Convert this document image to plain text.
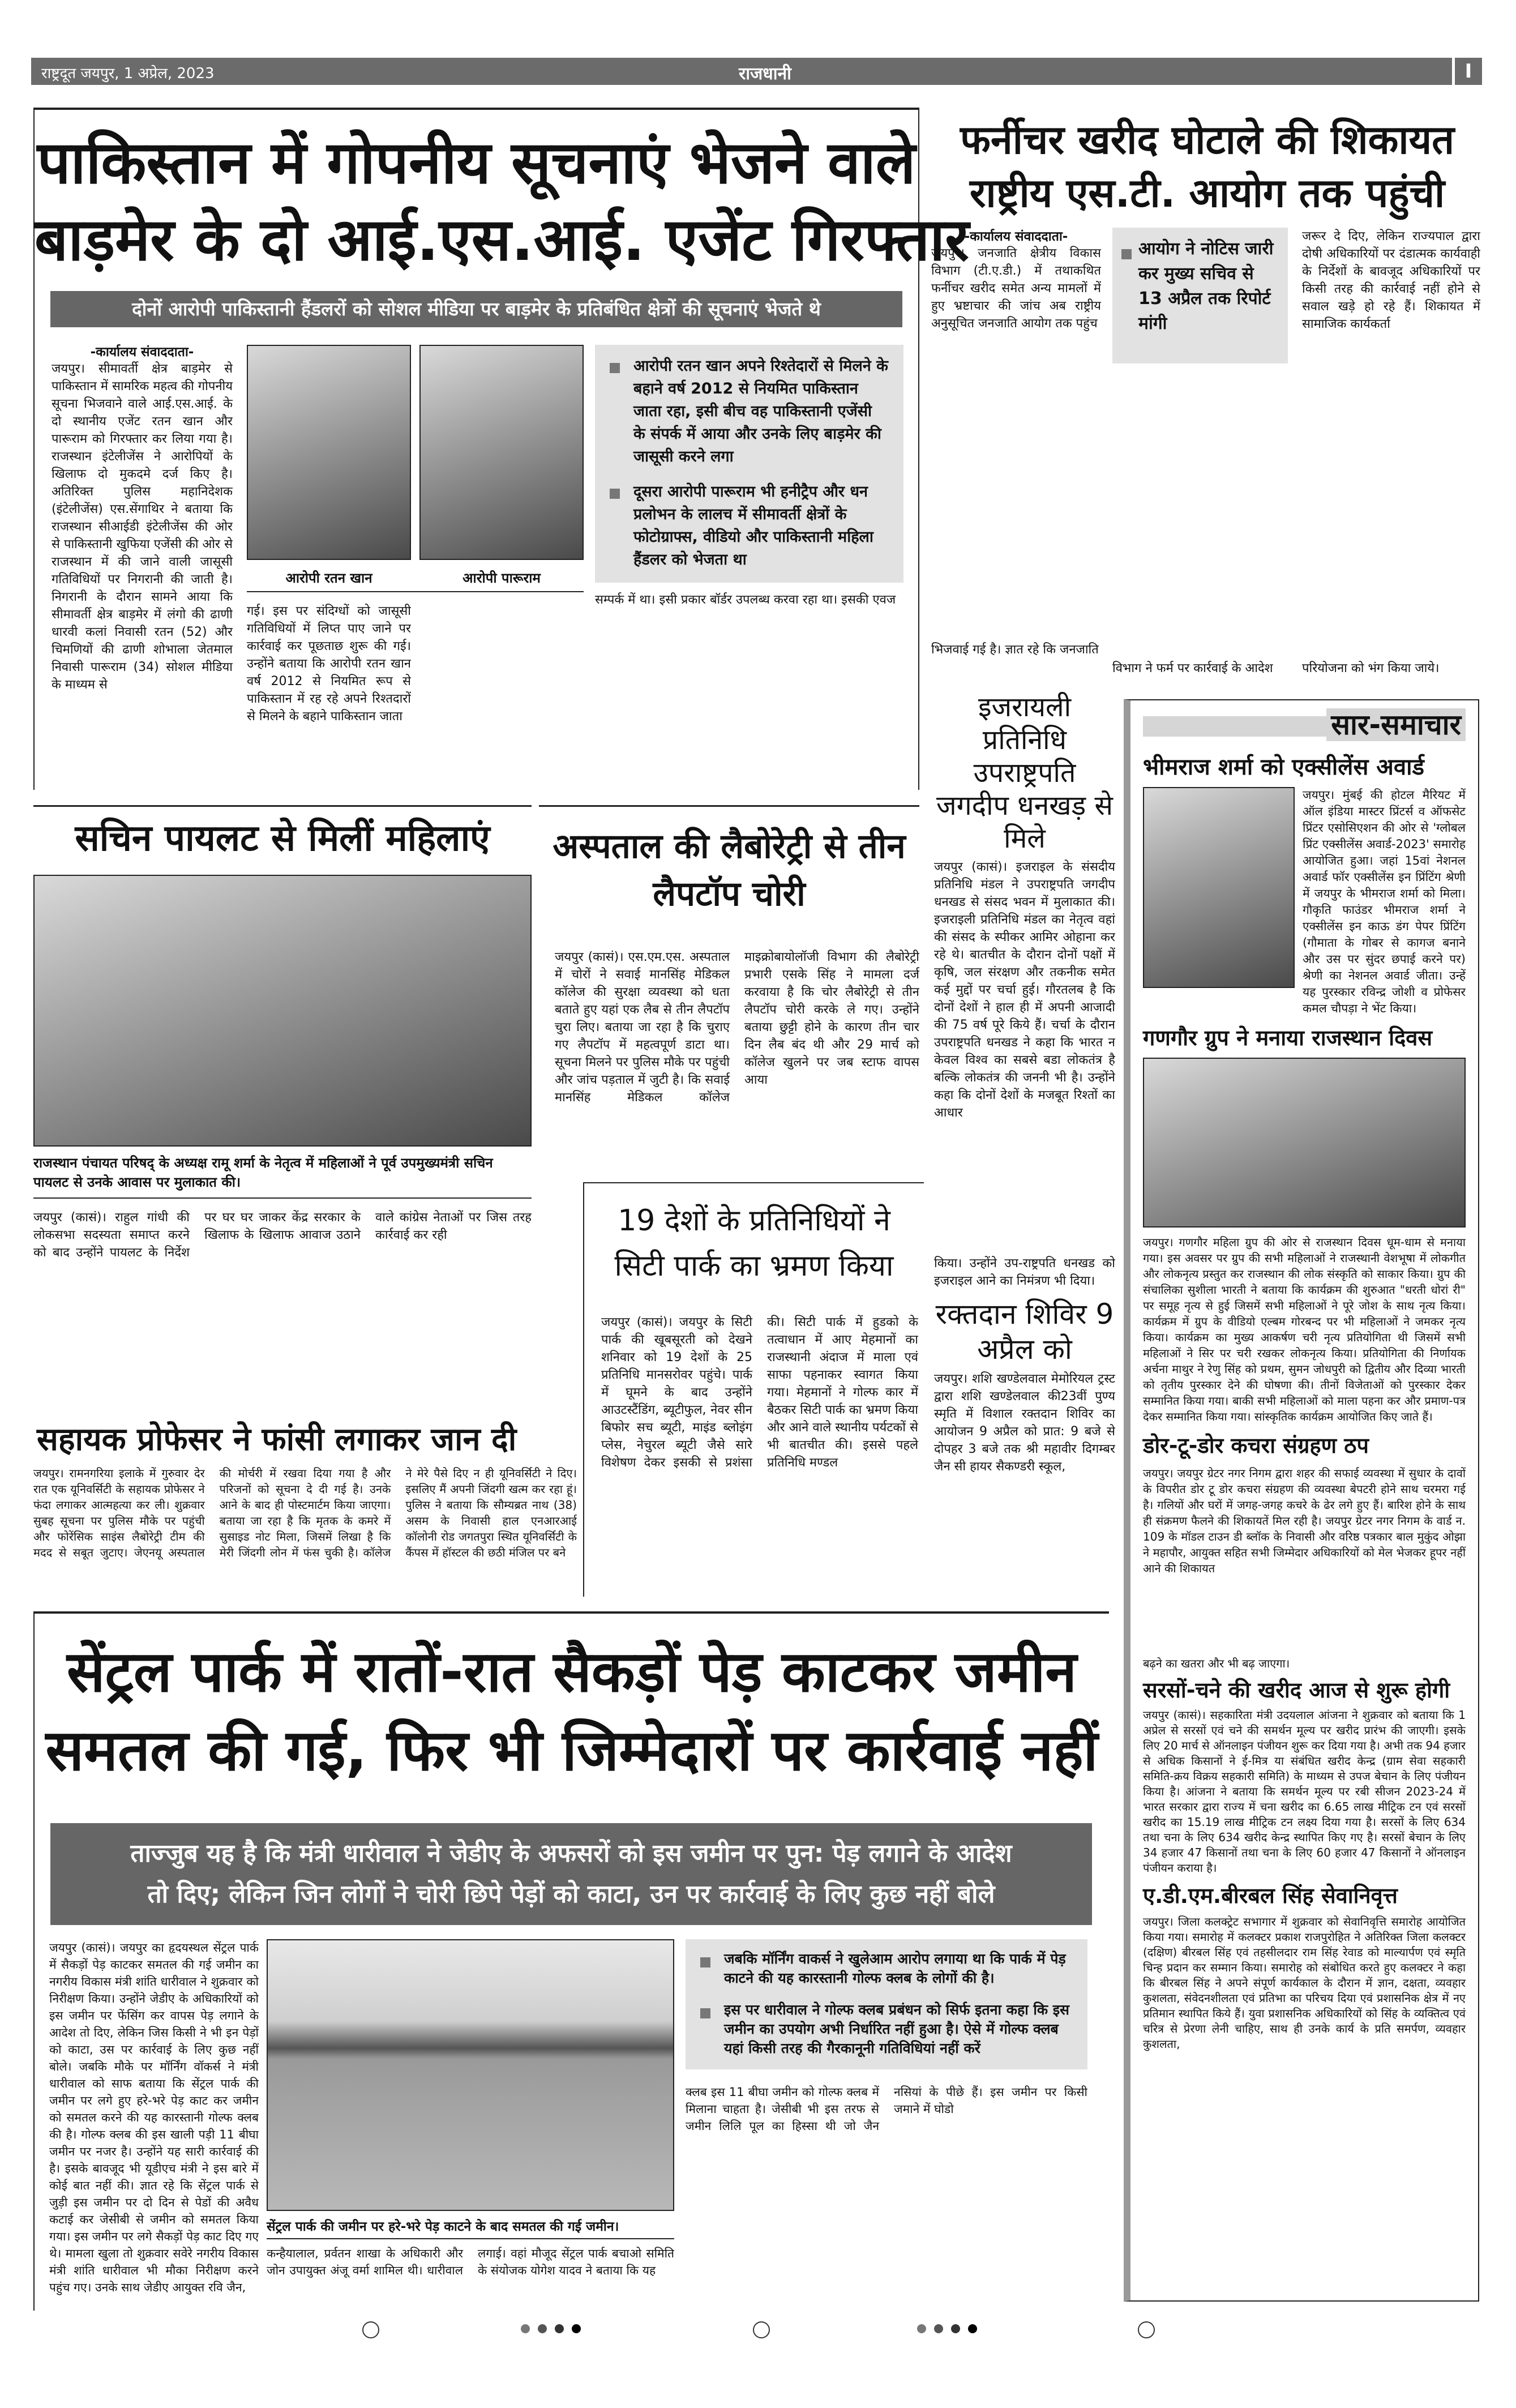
राष्ट्रदूत जयपुर, 1 अप्रेल, 2023	राजधानी	I
पाकिस्तान में गोपनीय सूचनाएं भेजने वाले
बाड़मेर के दो आई.एस.आई. एजेंट गिरफ्तार
दोनों आरोपी पाकिस्तानी हैंडलरों को सोशल मीडिया पर बाड़मेर के प्रतिबंधित क्षेत्रों की सूचनाएं भेजते थे
-कार्यालय संवाददाता-
जयपुर। सीमावर्ती क्षेत्र बाड़मेर से पाकिस्तान में सामरिक महत्व की गोपनीय सूचना भिजवाने वाले आई.एस.आई. के दो स्थानीय एजेंट रतन खान और पारूराम को गिरफ्तार कर लिया गया है। राजस्थान इंटेलीजेंस ने आरोपियों के खिलाफ दो मुकदमे दर्ज किए है। अतिरिक्त पुलिस महानिदेशक (इंटेलीजेंस) एस.सेंगाथिर ने बताया कि राजस्थान सीआईडी इंटेलीजेंस की ओर से पाकिस्तानी खुफिया एजेंसी की ओर से राजस्थान में की जाने वाली जासूसी गतिविधियों पर निगरानी की जाती है। निगरानी के दौरान सामने आया कि सीमावर्ती क्षेत्र बाड़मेर में लंगो की ढाणी धारवी कलां निवासी रतन (52) और चिमणियों की ढाणी शोभाला जेतमाल निवासी पारूराम (34) सोशल मीडिया के माध्यम से
आरोपी रतन खान	आरोपी पारूराम
गई। इस पर संदिग्धों को जासूसी गतिविधियों में लिप्त पाए जाने पर कार्रवाई कर पूछताछ शुरू की गई। उन्होंने बताया कि आरोपी रतन खान वर्ष 2012 से नियमित रूप से पाकिस्तान में रह रहे अपने रिश्तदारों से मिलने के बहाने पाकिस्तान जाता
आरोपी रतन खान अपने रिश्तेदारों से मिलने के बहाने वर्ष 2012 से नियमित पाकिस्तान जाता रहा, इसी बीच वह पाकिस्तानी एजेंसी के संपर्क में आया और उनके लिए बाड़मेर की जासूसी करने लगा
दूसरा आरोपी पारूराम भी हनीट्रैप और धन प्रलोभन के लालच में सीमावर्ती क्षेत्रों के फोटोग्राफ्स, वीडियो और पाकिस्तानी महिला हैंडलर को भेजता था
सम्पर्क में था। इसी प्रकार बॉर्डर उपलब्ध करवा रहा था। इसकी एवज
फर्नीचर खरीद घोटाले की शिकायत
राष्ट्रीय एस.टी. आयोग तक पहुंची
-कार्यालय संवाददाता-
जयपुर। जनजाति क्षेत्रीय विकास विभाग (टी.ए.डी.) में तथाकथित फर्नीचर खरीद समेत अन्य मामलों में हुए भ्रष्टाचार की जांच अब राष्ट्रीय अनुसूचित जनजाति आयोग तक पहुंच
भिजवाई गई है। ज्ञात रहे कि जनजाति
आयोग ने नोटिस जारी कर मुख्य सचिव से 13 अप्रैल तक रिपोर्ट मांगी
विभाग ने फर्म पर कार्रवाई के आदेश
जरूर दे दिए, लेकिन राज्यपाल द्वारा दोषी अधिकारियों पर दंडात्मक कार्यवाही के निर्देशों के बावजूद अधिकारियों पर किसी तरह की कार्रवाई नहीं होने से सवाल खड़े हो रहे हैं। शिकायत में सामाजिक कार्यकर्ता
परियोजना को भंग किया जाये।
इजरायली प्रतिनिधि उपराष्ट्रपति जगदीप धनखड़ से मिले
जयपुर (कासं)। इजराइल के संसदीय प्रतिनिधि मंडल ने उपराष्ट्रपति जगदीप धनखड से संसद भवन में मुलाकात की। इजराइली प्रतिनिधि मंडल का नेतृत्व वहां की संसद के स्पीकर आमिर ओहाना कर रहे थे। बातचीत के दौरान दोनों पक्षों में कृषि, जल संरक्षण और तकनीक समेत कई मुद्दों पर चर्चा हुई। गौरतलब है कि दोनों देशों ने हाल ही में अपनी आजादी की 75 वर्ष पूरे किये हैं। चर्चा के दौरान उपराष्ट्रपति धनखड ने कहा कि भारत न केवल विश्व का सबसे बडा लोकतंत्र है बल्कि लोकतंत्र की जननी भी है। उन्होंने कहा कि दोनों देशों के मजबूत रिश्तों का आधार
किया। उन्होंने उप-राष्ट्रपति धनखड को इजराइल आने का निमंत्रण भी दिया।
रक्तदान शिविर 9 अप्रैल को
जयपुर। शशि खण्डेलवाल मेमोरियल ट्रस्ट द्वारा शशि खण्डेलवाल की23वीं पुण्य स्मृति में विशाल रक्तदान शिविर का आयोजन 9 अप्रैल को प्रात: 9 बजे से दोपहर 3 बजे तक श्री महावीर दिगम्बर जैन सी हायर सैकण्डरी स्कूल,
सार-समाचार
भीमराज शर्मा को एक्सीलेंस अवार्ड
जयपुर। मुंबई की होटल मैरियट में ऑल इंडिया मास्टर प्रिंटर्स व ऑफसेट प्रिंटर एसोसिएशन की ओर से 'ग्लोबल प्रिंट एक्सीलेंस अवार्ड-2023' समारोह आयोजित हुआ। जहां 15वां नेशनल अवार्ड फॉर एक्सीलेंस इन प्रिंटिंग श्रेणी में जयपुर के भीमराज शर्मा को मिला। गौकृति फाउंडर भीमराज शर्मा ने एक्सीलेंस इन काऊ डंग पेपर प्रिंटिंग (गौमाता के गोबर से कागज बनाने और उस पर सुंदर छपाई करने पर) श्रेणी का नेशनल अवार्ड जीता। उन्हें यह पुरस्कार रविन्द्र जोशी व प्रोफेसर कमल चौपड़ा ने भेंट किया।
गणगौर ग्रुप ने मनाया राजस्थान दिवस
जयपुर। गणगौर महिला ग्रुप की ओर से राजस्थान दिवस धूम-धाम से मनाया गया। इस अवसर पर ग्रुप की सभी महिलाओं ने राजस्थानी वेशभूषा में लोकगीत और लोकनृत्य प्रस्तुत कर राजस्थान की लोक संस्कृति को साकार किया। ग्रुप की संचालिका सुशीला भारती ने बताया कि कार्यक्रम की शुरुआत "धरती धोरां री" पर समूह नृत्य से हुई जिसमें सभी महिलाओं ने पूरे जोश के साथ नृत्य किया। कार्यक्रम में ग्रुप के वीडियो एल्बम गोरबन्द पर भी महिलाओं ने जमकर नृत्य किया। कार्यक्रम का मुख्य आकर्षण चरी नृत्य प्रतियोगिता थी जिसमें सभी महिलाओं ने सिर पर चरी रखकर लोकनृत्य किया। प्रतियोगिता की निर्णायक अर्चना माथुर ने रेणु सिंह को प्रथम, सुमन जोधपुरी को द्वितीय और दिव्या भारती को तृतीय पुरस्कार देने की घोषणा की। तीनों विजेताओं को पुरस्कार देकर सम्मानित किया गया। बाकी सभी महिलाओं को माला पहना कर और प्रमाण-पत्र देकर सम्मानित किया गया। सांस्कृतिक कार्यक्रम आयोजित किए जाते हैं।
डोर-टू-डोर कचरा संग्रहण ठप
जयपुर। जयपुर ग्रेटर नगर निगम द्वारा शहर की सफाई व्यवस्था में सुधार के दावों के विपरीत डोर टू डोर कचरा संग्रहण की व्यवस्था बेपटरी होने साथ चरमरा गई है। गलियों और घरों में जगह-जगह कचरे के ढेर लगे हुए हैं। बारिश होने के साथ ही संक्रमण फैलने की शिकायतें मिल रही है। जयपुर ग्रेटर नगर निगम के वार्ड न. 109 के मॉडल टाउन डी ब्लॉक के निवासी और वरिष्ठ पत्रकार बाल मुकुंद ओझा ने महापौर, आयुक्त सहित सभी जिम्मेदार अधिकारियों को मेल भेजकर हूपर नहीं आने की शिकायत
बढ़ने का खतरा और भी बढ़ जाएगा।
सरसों-चने की खरीद आज से शुरू होगी
जयपुर (कासं)। सहकारिता मंत्री उदयलाल आंजना ने शुक्रवार को बताया कि 1 अप्रेल से सरसों एवं चने की समर्थन मूल्य पर खरीद प्रारंभ की जाएगी। इसके लिए 20 मार्च से ऑनलाइन पंजीयन शुरू कर दिया गया है। अभी तक 94 हजार से अधिक किसानों ने ई-मित्र या संबंधित खरीद केन्द्र (ग्राम सेवा सहकारी समिति-क्रय विक्रय सहकारी समिति) के माध्यम से उपज बेचान के लिए पंजीयन किया है। आंजना ने बताया कि समर्थन मूल्य पर रबी सीजन 2023-24 में भारत सरकार द्वारा राज्य में चना खरीद का 6.65 लाख मीट्रिक टन एवं सरसों खरीद का 15.19 लाख मीट्रिक टन लक्ष्य दिया गया है। सरसों के लिए 634 तथा चना के लिए 634 खरीद केन्द्र स्थापित किए गए है। सरसों बेचान के लिए 34 हजार 47 किसानों तथा चना के लिए 60 हजार 47 किसानों ने ऑनलाइन पंजीयन कराया है।
ए.डी.एम.बीरबल सिंह सेवानिवृत्त
जयपुर। जिला कलक्ट्रेट सभागार में शुक्रवार को सेवानिवृत्ति समारोह आयोजित किया गया। समारोह में कलक्टर प्रकाश राजपुरोहित ने अतिरिक्त जिला कलक्टर (दक्षिण) बीरबल सिंह एवं तहसीलदार राम सिंह रेवाड को माल्यार्पण एवं स्मृति चिन्ह प्रदान कर सम्मान किया। समारोह को संबोधित करते हुए कलक्टर ने कहा कि बीरबल सिंह ने अपने संपूर्ण कार्यकाल के दौरान में ज्ञान, दक्षता, व्यवहार कुशलता, संवेदनशीलता एवं प्रतिभा का परिचय दिया एवं प्रशासनिक क्षेत्र में नए प्रतिमान स्थापित किये हैं। युवा प्रशासनिक अधिकारियों को सिंह के व्यक्तित्व एवं चरित्र से प्रेरणा लेनी चाहिए, साथ ही उनके कार्य के प्रति समर्पण, व्यवहार कुशलता,
सचिन पायलट से मिलीं महिलाएं
राजस्थान पंचायत परिषद् के अध्यक्ष रामू शर्मा के नेतृत्व में महिलाओं ने पूर्व उपमुख्यमंत्री सचिन पायलट से उनके आवास पर मुलाकात की।
जयपुर (कासं)। राहुल गांधी की लोकसभा सदस्यता समाप्त करने को बाद उन्होंने पायलट के निर्देश पर घर घर जाकर केंद्र सरकार के खिलाफ के खिलाफ आवाज उठाने वाले कांग्रेस नेताओं पर जिस तरह कार्रवाई कर रही
अस्पताल की लैबोरेट्री से तीन लैपटॉप चोरी
जयपुर (कासं)। एस.एम.एस. अस्पताल में चोरों ने सवाई मानसिंह मेडिकल कॉलेज की सुरक्षा व्यवस्था को धता बताते हुए यहां एक लैब से तीन लैपटॉप चुरा लिए। बताया जा रहा है कि चुराए गए लैपटॉप में महत्वपूर्ण डाटा था। सूचना मिलने पर पुलिस मौके पर पहुंची और जांच पड़ताल में जुटी है। कि सवाई मानसिंह मेडिकल कॉलेज माइक्रोबायोलॉजी विभाग की लैबोरेट्री प्रभारी एसके सिंह ने मामला दर्ज करवाया है कि चोर लैबोरेट्री से तीन लैपटॉप चोरी करके ले गए। उन्होंने बताया छुट्टी होने के कारण तीन चार दिन लैब बंद थी और 29 मार्च को कॉलेज खुलने पर जब स्टाफ वापस आया
19 देशों के प्रतिनिधियों ने सिटी पार्क का भ्रमण किया
जयपुर (कासं)। जयपुर के सिटी पार्क की खूबसूरती को देखने शनिवार को 19 देशों के 25 प्रतिनिधि मानसरोवर पहुंचे। पार्क में घूमने के बाद उन्होंने आउटस्टैंडिंग, ब्यूटीफुल, नेवर सीन बिफोर सच ब्यूटी, माइंड ब्लोइंग प्लेस, नेचुरल ब्यूटी जैसे सारे विशेषण देकर इसकी से प्रशंसा की। सिटी पार्क में हुडको के तत्वाधान में आए मेहमानों का राजस्थानी अंदाज में माला एवं साफा पहनाकर स्वागत किया गया। मेहमानों ने गोल्फ कार में बैठकर सिटी पार्क का भ्रमण किया और आने वाले स्थानीय पर्यटकों से भी बातचीत की। इससे पहले प्रतिनिधि मण्डल
सहायक प्रोफेसर ने फांसी लगाकर जान दी
जयपुर। रामनगरिया इलाके में गुरुवार देर रात एक यूनिवर्सिटी के सहायक प्रोफेसर ने फंदा लगाकर आत्महत्या कर ली। शुक्रवार सुबह सूचना पर पुलिस मौके पर पहुंची और फोरेंसिक साइंस लैबोरेट्री टीम की मदद से सबूत जुटाए। जेएनयू अस्पताल की मोर्चरी में रखवा दिया गया है और परिजनों को सूचना दे दी गई है। उनके आने के बाद ही पोस्टमार्टम किया जाएगा। बताया जा रहा है कि मृतक के कमरे में सुसाइड नोट मिला, जिसमें लिखा है कि मेरी जिंदगी लोन में फंस चुकी है। कॉलेज ने मेरे पैसे दिए न ही यूनिवर्सिटी ने दिए। इसलिए मैं अपनी जिंदगी खत्म कर रहा हूं। पुलिस ने बताया कि सौम्यब्रत नाथ (38) असम के निवासी हाल एनआरआई कॉलोनी रोड जगतपुरा स्थित यूनिवर्सिटी के कैंपस में हॉस्टल की छठी मंजिल पर बने
सेंट्रल पार्क में रातों-रात सैकड़ों पेड़ काटकर जमीन
समतल की गई, फिर भी जिम्मेदारों पर कार्रवाई नहीं
ताज्जुब यह है कि मंत्री धारीवाल ने जेडीए के अफसरों को इस जमीन पर पुन: पेड़ लगाने के आदेश
तो दिए; लेकिन जिन लोगों ने चोरी छिपे पेड़ों को काटा, उन पर कार्रवाई के लिए कुछ नहीं बोले
जयपुर (कासं)। जयपुर का हृदयस्थल सेंट्रल पार्क में सैकड़ों पेड़ काटकर समतल की गई जमीन का नगरीय विकास मंत्री शांति धारीवाल ने शुक्रवार को निरीक्षण किया। उन्होंने जेडीए के अधिकारियों को इस जमीन पर फेंसिंग कर वापस पेड़ लगाने के आदेश तो दिए, लेकिन जिस किसी ने भी इन पेड़ों को काटा, उस पर कार्रवाई के लिए कुछ नहीं बोले। जबकि मौके पर मॉर्निंग वॉकर्स ने मंत्री धारीवाल को साफ बताया कि सेंट्रल पार्क की जमीन पर लगे हुए हरे-भरे पेड़ काट कर जमीन को समतल करने की यह कारस्तानी गोल्फ क्लब की है। गोल्फ क्लब की इस खाली पड़ी 11 बीघा जमीन पर नजर है। उन्होंने यह सारी कार्रवाई की है। इसके बावजूद भी यूडीएच मंत्री ने इस बारे में कोई बात नहीं की। ज्ञात रहे कि सेंट्रल पार्क से जुड़ी इस जमीन पर दो दिन से पेडों की अवैध कटाई कर जेसीबी से जमीन को समतल किया गया। इस जमीन पर लगे सैकड़ों पेड़ काट दिए गए थे। मामला खुला तो शुक्रवार सवेरे नगरीय विकास मंत्री शांति धारीवाल भी मौका निरीक्षण करने पहुंच गए। उनके साथ जेडीए आयुक्त रवि जैन,
सेंट्रल पार्क की जमीन पर हरे-भरे पेड़ काटने के बाद समतल की गई जमीन।
कन्हैयालाल, प्रर्वतन शाखा के अधिकारी और जोन उपायुक्त अंजू वर्मा शामिल थी। धारीवाल लगाई। वहां मौजूद सेंट्रल पार्क बचाओ समिति के संयोजक योगेश यादव ने बताया कि यह
जबकि मॉर्निंग वाकर्स ने खुलेआम आरोप लगाया था कि पार्क में पेड़ काटने की यह कारस्तानी गोल्फ क्लब के लोगों की है।
इस पर धारीवाल ने गोल्फ क्लब प्रबंधन को सिर्फ इतना कहा कि इस जमीन का उपयोग अभी निर्धारित नहीं हुआ है। ऐसे में गोल्फ क्लब यहां किसी तरह की गैरकानूनी गतिविधियां नहीं करें
क्लब इस 11 बीघा जमीन को गोल्फ क्लब में मिलाना चाहता है। जेसीबी भी इस तरफ से जमीन लिलि पूल का हिस्सा थी जो जैन नसियां के पीछे हैं। इस जमीन पर किसी जमाने में घोडो
